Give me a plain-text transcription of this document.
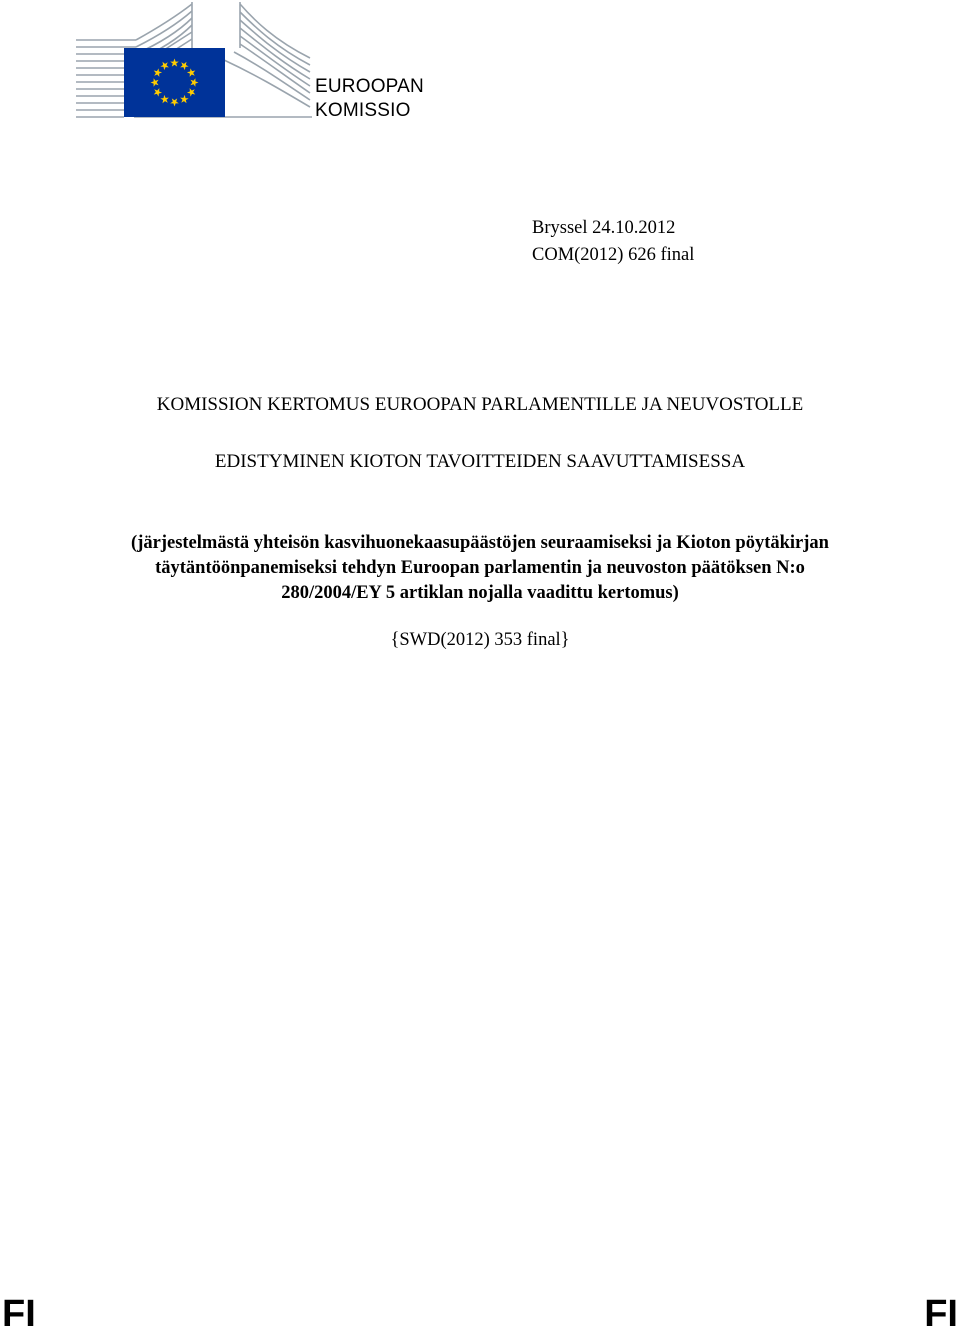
EUROOPAN
KOMISSIO
Bryssel 24.10.2012
COM(2012) 626 final
KOMISSION KERTOMUS EUROOPAN PARLAMENTILLE JA NEUVOSTOLLE
EDISTYMINEN KIOTON TAVOITTEIDEN SAAVUTTAMISESSA
(järjestelmästä yhteisön kasvihuonekaasupäästöjen seuraamiseksi ja Kioton pöytäkirjan
täytäntöönpanemiseksi tehdyn Euroopan parlamentin ja neuvoston päätöksen N:o
280/2004/EY 5 artiklan nojalla vaadittu kertomus)
{SWD(2012) 353 final}
FI	FI
